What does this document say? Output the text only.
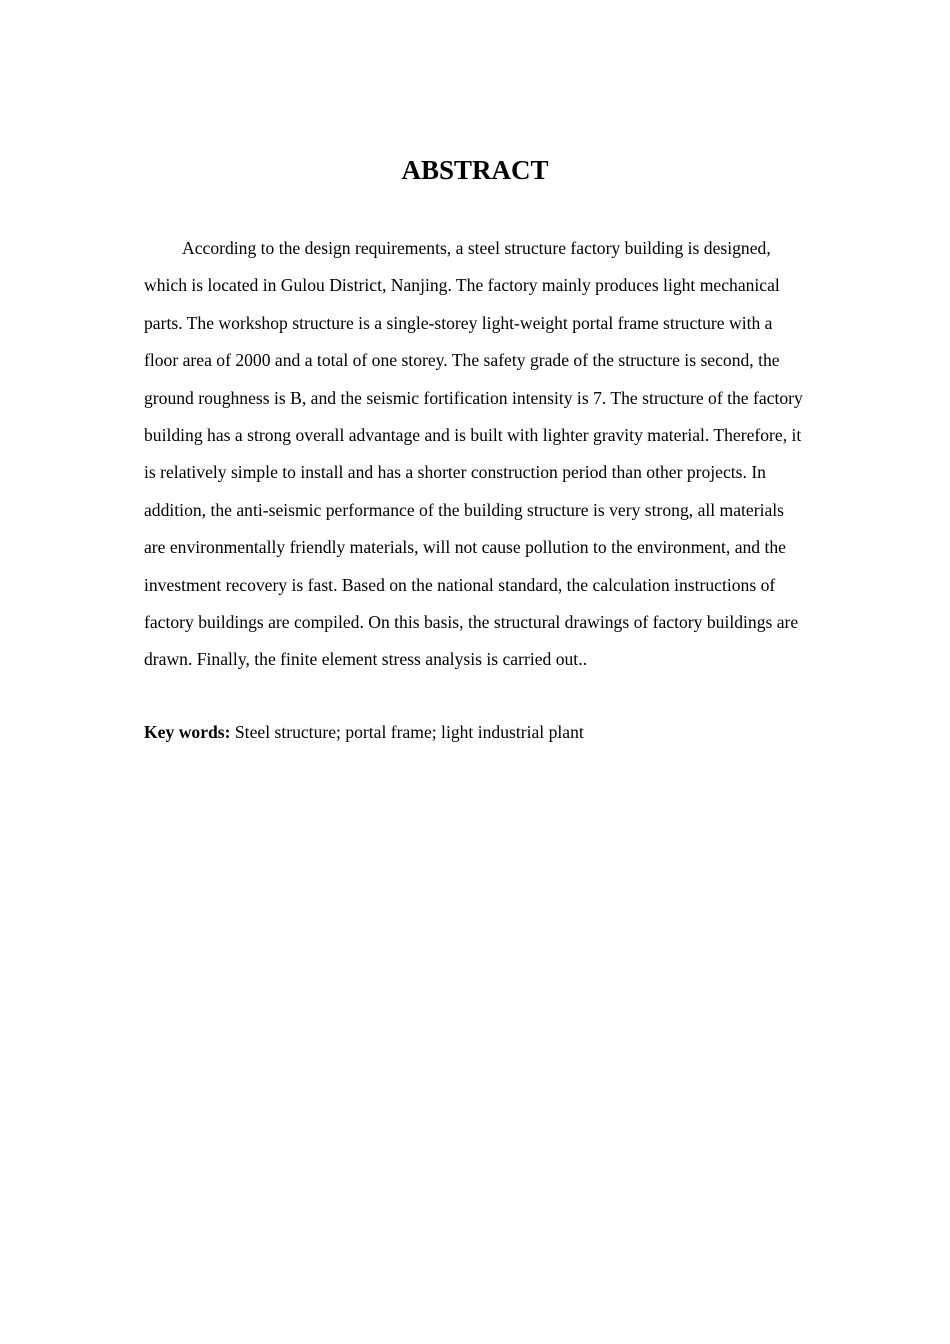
ABSTRACT

According to the design requirements, a steel structure factory building is designed, which is located in Gulou District, Nanjing. The factory mainly produces light mechanical parts. The workshop structure is a single-storey light-weight portal frame structure with a floor area of 2000 and a total of one storey. The safety grade of the structure is second, the ground roughness is B, and the seismic fortification intensity is 7. The structure of the factory building has a strong overall advantage and is built with lighter gravity material. Therefore, it is relatively simple to install and has a shorter construction period than other projects. In addition, the anti-seismic performance of the building structure is very strong, all materials are environmentally friendly materials, will not cause pollution to the environment, and the investment recovery is fast. Based on the national standard, the calculation instructions of factory buildings are compiled. On this basis, the structural drawings of factory buildings are drawn. Finally, the finite element stress analysis is carried out..

Key words: Steel structure; portal frame; light industrial plant
